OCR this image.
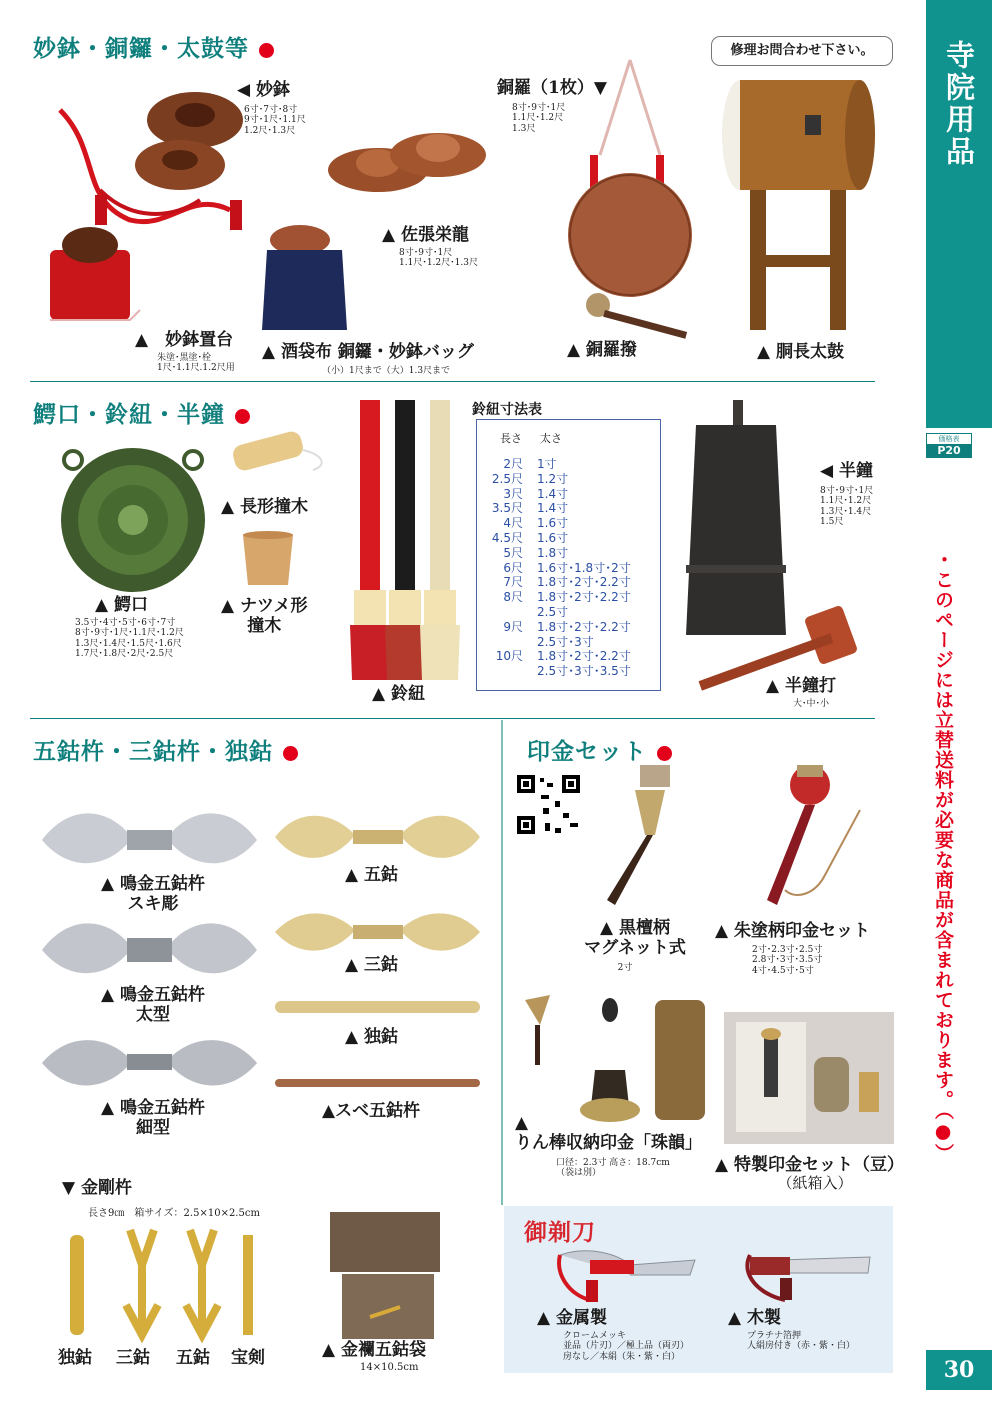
寺院用品
価格表
P20
・このページには立替送料が必要な商品が含まれております。（●）
30
妙鉢・銅鑼・太鼓等	修理お問合わせ下さい。
◀ 妙鉢
6寸･7寸･8寸
9寸･1尺･1.1尺
1.2尺･1.3尺
▲ 佐張栄龍
8寸･9寸･1尺
1.1尺･1.2尺･1.3尺
銅羅（1枚）▼
8寸･9寸･1尺
1.1尺･1.2尺
1.3尺
▲ 銅羅撥	▲ 胴長太鼓
▲　妙鉢置台
朱塗･黒塗･栓
1尺･1.1尺.1.2尺用
▲ 酒袋布 銅鑼・妙鉢バッグ
（小）1尺まで（大）1.3尺まで
鰐口・鈴紐・半鐘
▲ 鰐口
3.5寸･4寸･5寸･6寸･7寸
8寸･9寸･1尺･1.1尺･1.2尺
1.3尺･1.4尺･1.5尺･1.6尺
1.7尺･1.8尺･2尺･2.5尺
▲ 長形撞木
▲ ナツメ形
撞木
▲ 鈴紐
鈴紐寸法表
長さ 太さ
2尺 1寸
2.5尺 1.2寸
3尺 1.4寸
3.5尺 1.4寸
4尺 1.6寸
4.5尺 1.6寸
5尺 1.8寸
6尺 1.6寸･1.8寸･2寸
7尺 1.8寸･2寸･2.2寸
8尺 1.8寸･2寸･2.2寸
2.5寸
9尺 1.8寸･2寸･2.2寸
2.5寸･3寸
10尺 1.8寸･2寸･2.2寸
2.5寸･3寸･3.5寸
◀ 半鐘
8寸･9寸･1尺
1.1尺･1.2尺
1.3尺･1.4尺
1.5尺
▲ 半鐘打
大･中･小
五鈷杵・三鈷杵・独鈷
▲ 鳴金五鈷杵
スキ彫
▲ 鳴金五鈷杵
太型
▲ 鳴金五鈷杵
細型
▲ 五鈷
▲ 三鈷
▲ 独鈷
▲スベ五鈷杵
▼ 金剛杵
長さ9㎝　箱サイズ：2.5×10×2.5cm
独鈷 三鈷 五鈷 宝剣	▲ 金襴五鈷袋
14×10.5cm
印金セット
▲ 黒檀柄
マグネット式
2寸
▲ 朱塗柄印金セット
2寸･2.3寸･2.5寸
2.8寸･3寸･3.5寸
4寸･4.5寸･5寸
▲
りん棒収納印金「珠韻」
口径：2.3寸 高さ：18.7cm
（袋は別）	▲ 特製印金セット（豆）
（紙箱入）
御剃刀
▲ 金属製
クロームメッキ
並品（片刃）／極上品（両刃）
房なし／本絹（朱・紫・白）
▲ 木製
プラチナ箔押
人絹房付き（赤・紫・白）
